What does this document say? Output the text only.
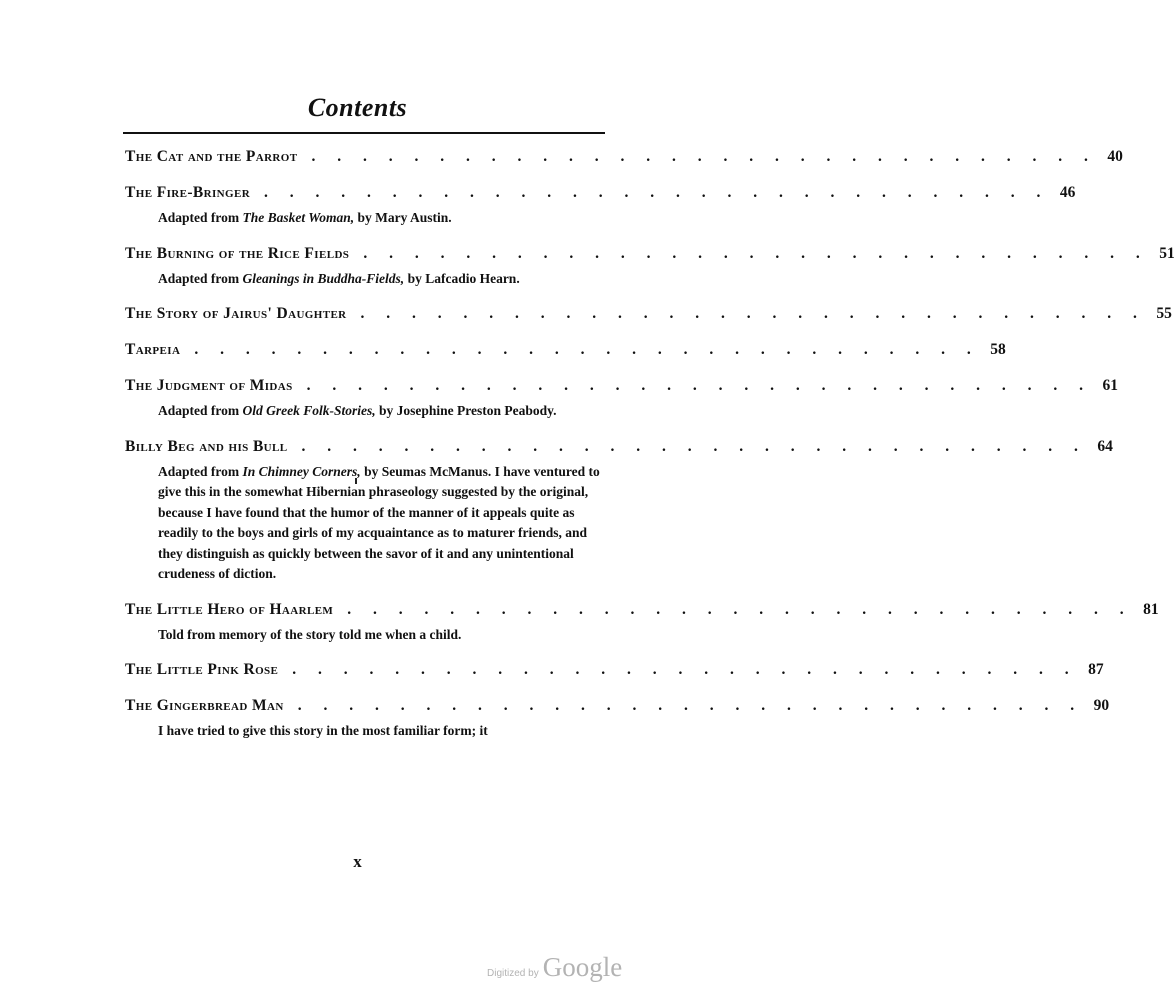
Contents
The Cat and the Parrot . . . . . . . . . . . . . . . . . . . . . . . . . . . . . . . 40
The Fire-Bringer . . . . . . . . . . . . . . . . . . . . . . . . . . . . . . . 46
Adapted from The Basket Woman, by Mary Austin.
The Burning of the Rice Fields . . . . . . . . . . . . . . . . . . . . . . . . . . . . . . . 51
Adapted from Gleanings in Buddha-Fields, by Lafcadio Hearn.
The Story of Jairus' Daughter . . . . . . . . . . . . . . . . . . . . . . . . . . . . . . . 55
Tarpeia . . . . . . . . . . . . . . . . . . . . . . . . . . . . . . . 58
The Judgment of Midas . . . . . . . . . . . . . . . . . . . . . . . . . . . . . . . 61
Adapted from Old Greek Folk-Stories, by Josephine Preston Peabody.
Billy Beg and his Bull . . . . . . . . . . . . . . . . . . . . . . . . . . . . . . . 64
Adapted from In Chimney Corners, by Seumas McManus. I have ventured to give this in the somewhat Hibernian phraseology suggested by the original, because I have found that the humor of the manner of it appeals quite as readily to the boys and girls of my acquaintance as to maturer friends, and they distinguish as quickly between the savor of it and any unintentional crudeness of diction.
The Little Hero of Haarlem . . . . . . . . . . . . . . . . . . . . . . . . . . . . . . . 81
Told from memory of the story told me when a child.
The Little Pink Rose . . . . . . . . . . . . . . . . . . . . . . . . . . . . . . . 87
The Gingerbread Man . . . . . . . . . . . . . . . . . . . . . . . . . . . . . . . 90
I have tried to give this story in the most familiar form; it
x
Digitized by Google
